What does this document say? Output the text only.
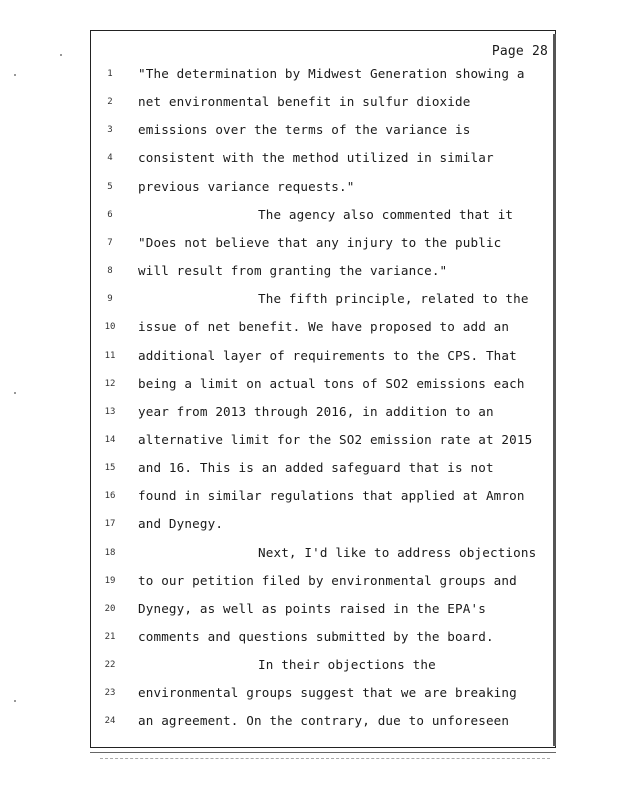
Page 28
1	"The determination by Midwest Generation showing a
2	net environmental benefit in sulfur dioxide
3	emissions over the terms of the variance is
4	consistent with the method utilized in similar
5	previous variance requests."
6	The agency also commented that it
7	"Does not believe that any injury to the public
8	will result from granting the variance."
9	The fifth principle, related to the
10	issue of net benefit. We have proposed to add an
11	additional layer of requirements to the CPS. That
12	being a limit on actual tons of SO2 emissions each
13	year from 2013 through 2016, in addition to an
14	alternative limit for the SO2 emission rate at 2015
15	and 16. This is an added safeguard that is not
16	found in similar regulations that applied at Amron
17	and Dynegy.
18	Next, I'd like to address objections
19	to our petition filed by environmental groups and
20	Dynegy, as well as points raised in the EPA's
21	comments and questions submitted by the board.
22	In their objections the
23	environmental groups suggest that we are breaking
24	an agreement. On the contrary, due to unforeseen
